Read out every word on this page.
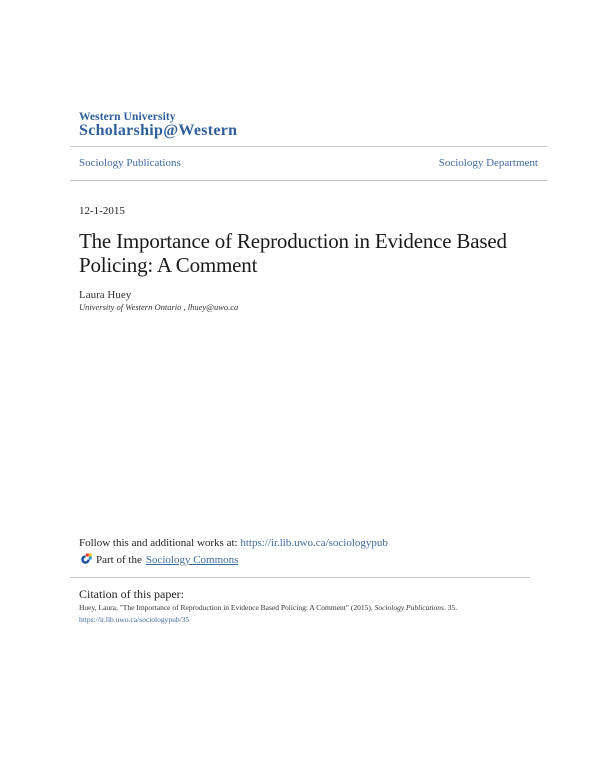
Western University
Scholarship@Western
Sociology Publications	Sociology Department
12-1-2015
The Importance of Reproduction in Evidence Based Policing: A Comment
Laura Huey
University of Western Ontario , lhuey@uwo.ca
Follow this and additional works at: https://ir.lib.uwo.ca/sociologypub
Part of the Sociology Commons
Citation of this paper:
Huey, Laura, "The Importance of Reproduction in Evidence Based Policing: A Comment" (2015). Sociology Publications. 35.
https://ir.lib.uwo.ca/sociologypub/35
